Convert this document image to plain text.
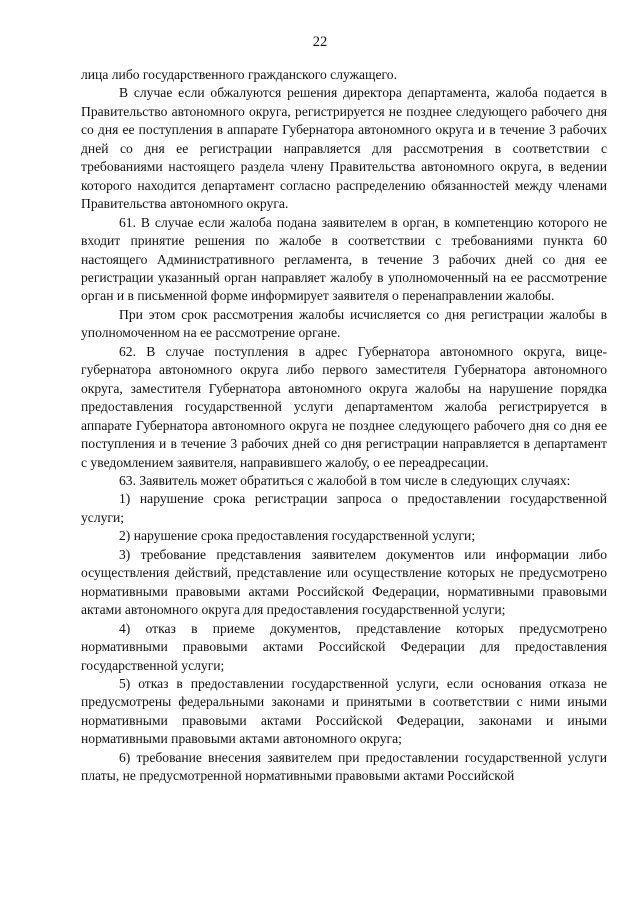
22

лица либо государственного гражданского служащего.

В случае если обжалуются решения директора департамента, жалоба подается в Правительство автономного округа, регистрируется не позднее следующего рабочего дня со дня ее поступления в аппарате Губернатора автономного округа и в течение 3 рабочих дней со дня ее регистрации направляется для рассмотрения в соответствии с требованиями настоящего раздела члену Правительства автономного округа, в ведении которого находится департамент согласно распределению обязанностей между членами Правительства автономного округа.

61. В случае если жалоба подана заявителем в орган, в компетенцию которого не входит принятие решения по жалобе в соответствии с требованиями пункта 60 настоящего Административного регламента, в течение 3 рабочих дней со дня ее регистрации указанный орган направляет жалобу в уполномоченный на ее рассмотрение орган и в письменной форме информирует заявителя о перенаправлении жалобы.

При этом срок рассмотрения жалобы исчисляется со дня регистрации жалобы в уполномоченном на ее рассмотрение органе.

62. В случае поступления в адрес Губернатора автономного округа, вице-губернатора автономного округа либо первого заместителя Губернатора автономного округа, заместителя Губернатора автономного округа жалобы на нарушение порядка предоставления государственной услуги департаментом жалоба регистрируется в аппарате Губернатора автономного округа не позднее следующего рабочего дня со дня ее поступления и в течение 3 рабочих дней со дня регистрации направляется в департамент с уведомлением заявителя, направившего жалобу, о ее переадресации.

63. Заявитель может обратиться с жалобой в том числе в следующих случаях:

1) нарушение срока регистрации запроса о предоставлении государственной услуги;

2) нарушение срока предоставления государственной услуги;

3) требование представления заявителем документов или информации либо осуществления действий, представление или осуществление которых не предусмотрено нормативными правовыми актами Российской Федерации, нормативными правовыми актами автономного округа для предоставления государственной услуги;

4) отказ в приеме документов, представление которых предусмотрено нормативными правовыми актами Российской Федерации для предоставления государственной услуги;

5) отказ в предоставлении государственной услуги, если основания отказа не предусмотрены федеральными законами и принятыми в соответствии с ними иными нормативными правовыми актами Российской Федерации, законами и иными нормативными правовыми актами автономного округа;

6) требование внесения заявителем при предоставлении государственной услуги платы, не предусмотренной нормативными правовыми актами Российской
